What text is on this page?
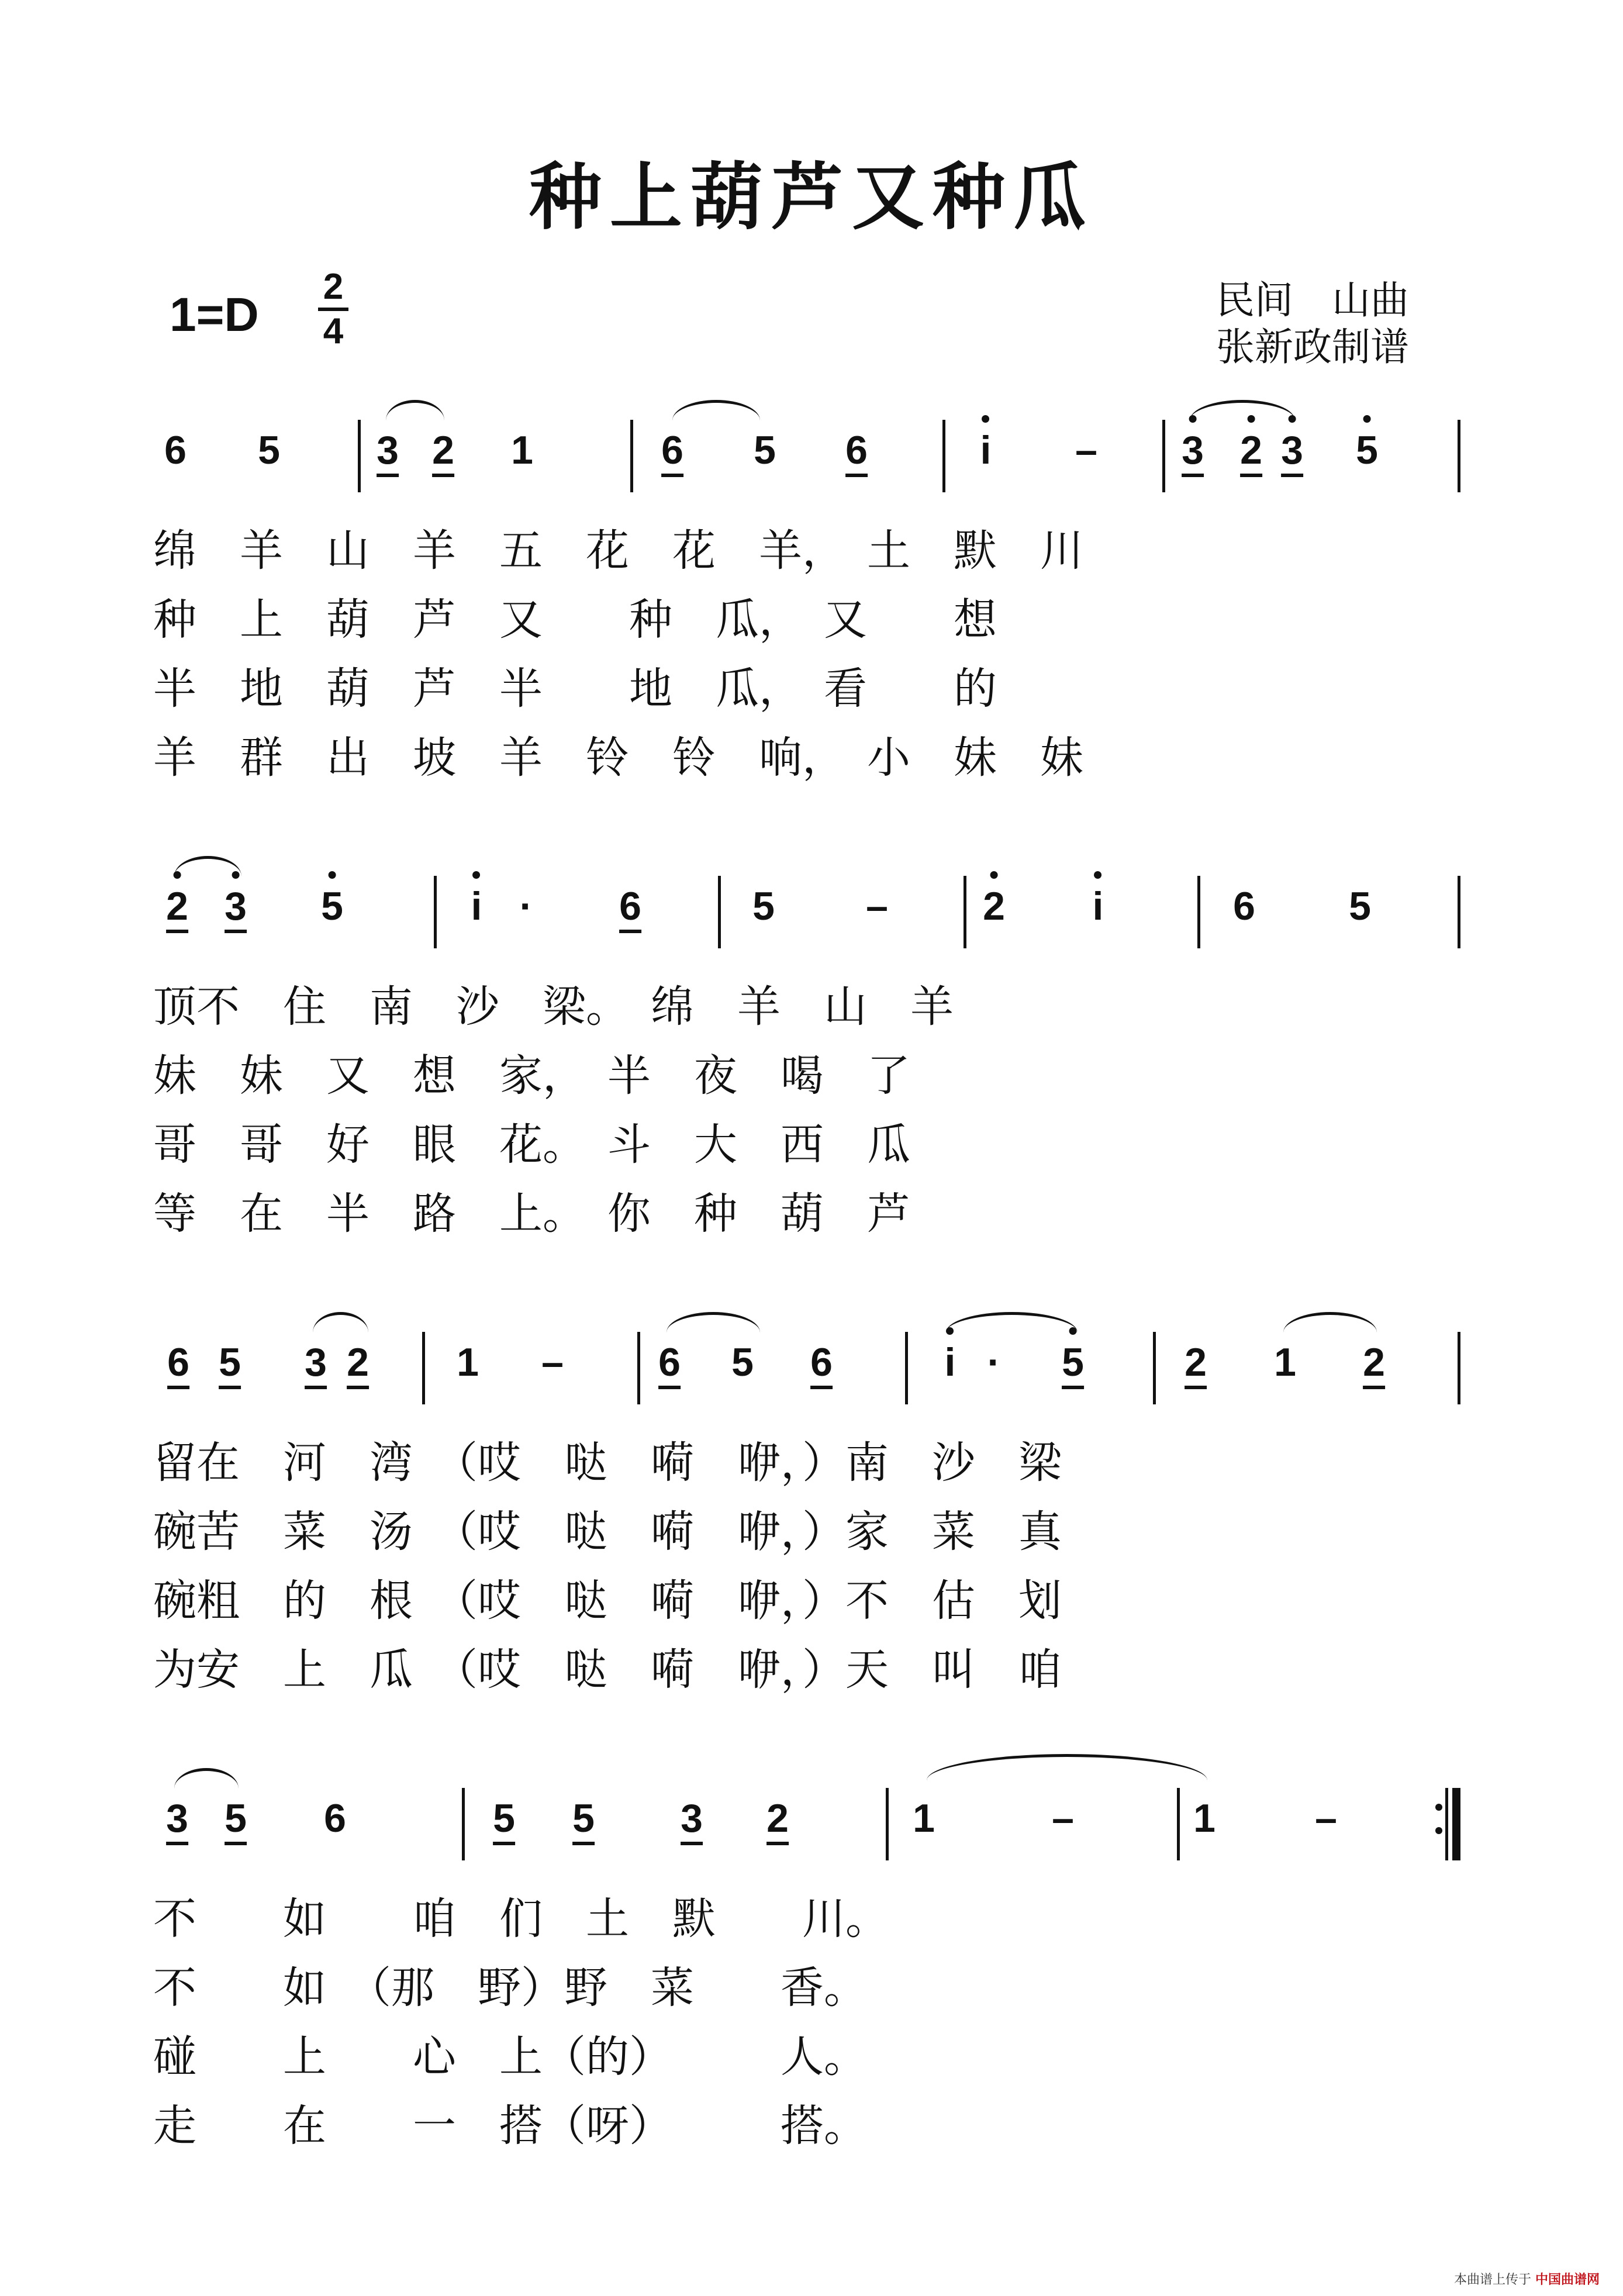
种上葫芦又种瓜
1=D
2
4
民间　山曲
张新政制谱
6 5 3 2 1	6 5 6	i – 3 2 3 5
绵　羊　山　羊　五　花　花　羊，　土　默　川
种　上　葫　芦　又　　种　瓜，　又　　想
半　地　葫　芦　半　　地　瓜，　看　　的
羊　群　出　坡　羊　铃　铃　响，　小　妹　妹
2 3 5	i · 6	5 – 2 i	6 5
顶不　住　南　沙　梁。　绵　羊　山　羊
妹　妹　又　想　家，　半　夜　喝　了
哥　哥　好　眼　花。　斗　大　西　瓜
等　在　半　路　上。　你　种　葫　芦
6 5 3 2 1 – 6 5 6	i · 5	2 1 2
留在　河　湾　（哎　哒　嗬　咿，）南　沙　梁
碗苦　菜　汤　（哎　哒　嗬　咿，）家　菜　真
碗粗　的　根　（哎　哒　嗬　咿，）不　估　划
为安　上　瓜　（哎　哒　嗬　咿，）天　叫　咱
3 5 6	5 5 3 2	1	–	1	–
不　　如　　咱　们　土　默　　川。
不　　如　（那　野）野　菜　　香。
碰　　上　　心　上（的）　　　人。
走　　在　　一　搭（呀）　　　搭。
本曲谱上传于 中国曲谱网
